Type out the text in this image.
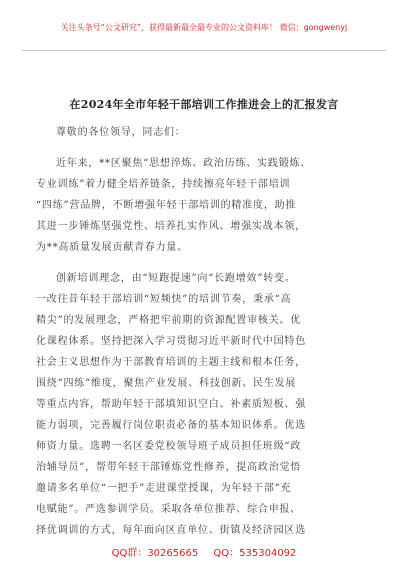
关注头条号“公文研究”，获得最新最全最专业的公文资料库！ 微信：gongwenyj
在2024年全市年轻干部培训工作推进会上的汇报发言
尊敬的各位领导，同志们：
近年来，**区聚焦“思想淬炼、政治历练、实践锻炼、
专业训练”着力健全培养链条，持续擦亮年轻干部培训
“四练”营品牌，不断增强年轻干部培训的精准度，助推
其进一步锤炼坚强党性、培养扎实作风、增强实战本领，
为**高质量发展贡献青春力量。
创新培训理念，由“短跑提速”向“长跑增效”转变。
一改往昔年轻干部培训“短频快”的培训节奏，秉承“高
精尖”的发展理念，严格把牢前期的资源配置审核关。优
化课程体系。坚持把深入学习贯彻习近平新时代中国特色
社会主义思想作为干部教育培训的主题主线和根本任务，
围绕“四练”维度，聚焦产业发展、科技创新、民生发展
等重点内容，帮助年轻干部填知识空白、补素质短板、强
能力弱项，完善履行岗位职责必备的基本知识体系。优选
师资力量。选聘一名区委党校领导班子成员担任班级“政
治辅导员”，帮带年轻干部锤炼党性修养，提高政治觉悟
邀请多名单位“一把手”走进课堂授课，为年轻干部“充
电赋能”。严选参训学员。采取各单位推荐、综合申报、
择优调训的方式，每年面向区直单位、街镇及经济园区选
QQ群：30265665 QQ：535304092
